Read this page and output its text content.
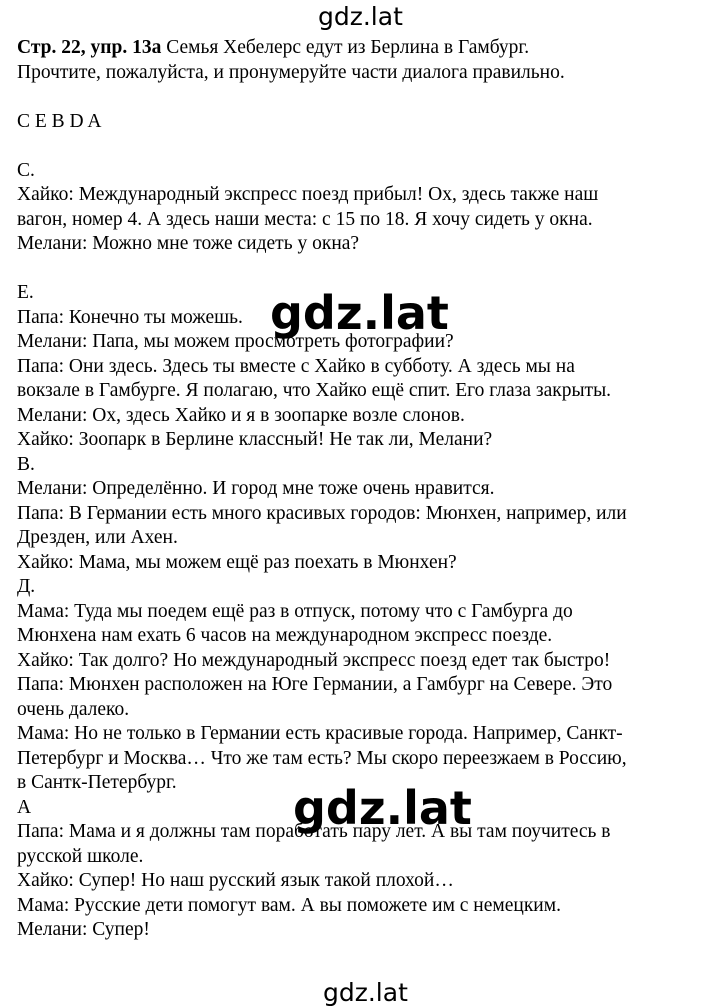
gdz.lat
Стр. 22, упр. 13а Семья Хебелерс едут из Берлина в Гамбург.
Прочтите, пожалуйста, и пронумеруйте части диалога правильно.
C E B D A
С.
Хайко: Международный экспресс поезд прибыл! Ох, здесь также наш
вагон, номер 4. А здесь наши места: с 15 по 18. Я хочу сидеть у окна.
Мелани: Можно мне тоже сидеть у окна?
Е.
Папа: Конечно ты можешь.
Мелани: Папа, мы можем просмотреть фотографии?
Папа: Они здесь. Здесь ты вместе с Хайко в субботу. А здесь мы на
вокзале в Гамбурге. Я полагаю, что Хайко ещё спит. Его глаза закрыты.
Мелани: Ох, здесь Хайко и я в зоопарке возле слонов.
Хайко: Зоопарк в Берлине классный! Не так ли, Мелани?
В.
Мелани: Определённо. И город мне тоже очень нравится.
Папа: В Германии есть много красивых городов: Мюнхен, например, или
Дрезден, или Ахен.
Хайко: Мама, мы можем ещё раз поехать в Мюнхен?
Д.
Мама: Туда мы поедем ещё раз в отпуск, потому что с Гамбурга до
Мюнхена нам ехать 6 часов на международном экспресс поезде.
Хайко: Так долго? Но международный экспресс поезд едет так быстро!
Папа: Мюнхен расположен на Юге Германии, а Гамбург на Севере. Это
очень далеко.
Мама: Но не только в Германии есть красивые города. Например, Санкт-
Петербург и Москва… Что же там есть? Мы скоро переезжаем в Россию,
в Сантк-Петербург.
А
Папа: Мама и я должны там поработать пару лет. А вы там поучитесь в
русской школе.
Хайко: Супер! Но наш русский язык такой плохой…
Мама: Русские дети помогут вам. А вы поможете им с немецким.
Мелани: Супер!
gdz.lat
gdz.lat
gdz.lat
